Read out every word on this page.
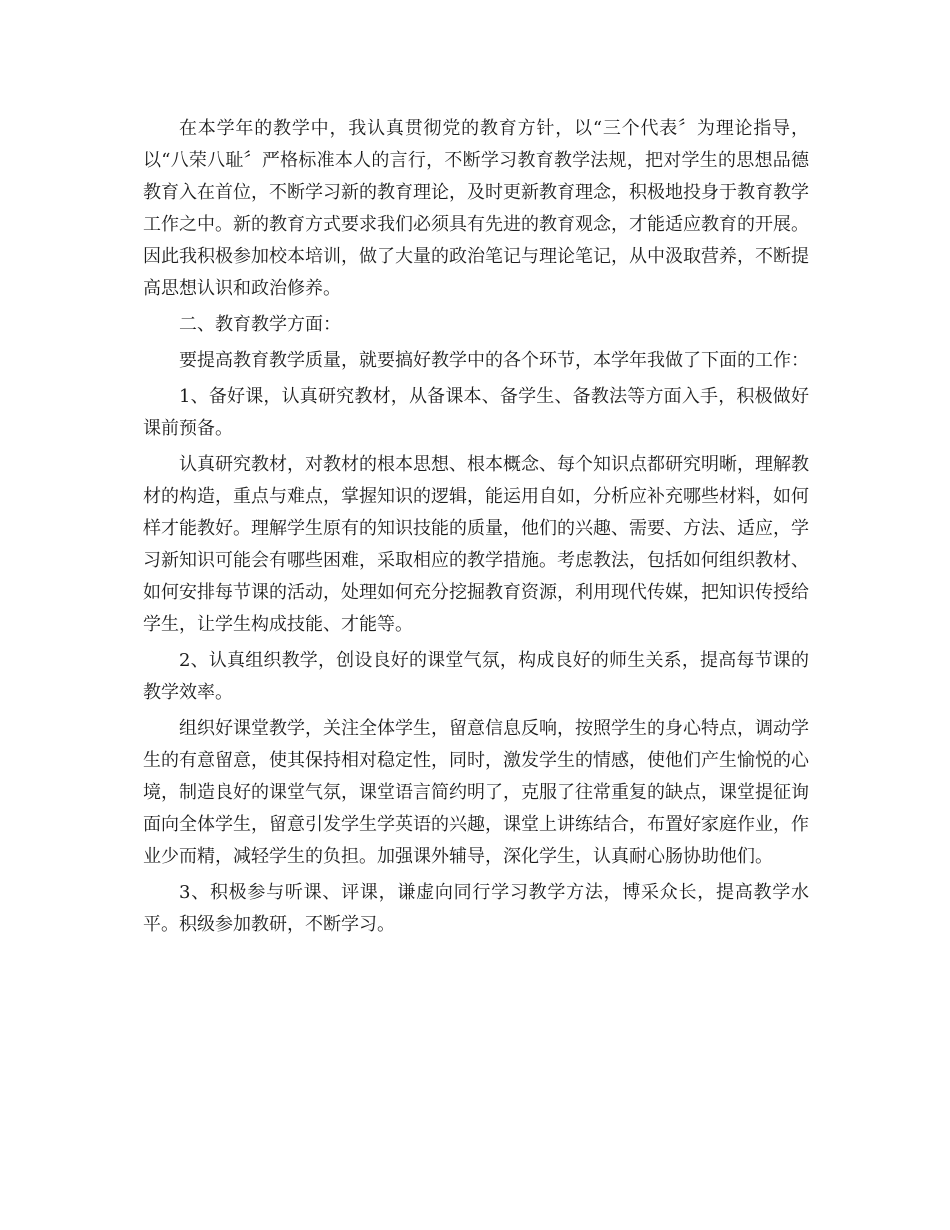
在本学年的教学中，我认真贯彻党的教育方针，以“三个代表〞为理论指导，以“八荣八耻〞严格标准本人的言行，不断学习教育教学法规，把对学生的思想品德教育入在首位，不断学习新的教育理论，及时更新教育理念，积极地投身于教育教学工作之中。新的教育方式要求我们必须具有先进的教育观念，才能适应教育的开展。因此我积极参加校本培训，做了大量的政治笔记与理论笔记，从中汲取营养，不断提高思想认识和政治修养。

二、教育教学方面：

要提高教育教学质量，就要搞好教学中的各个环节，本学年我做了下面的工作：

1、备好课，认真研究教材，从备课本、备学生、备教法等方面入手，积极做好课前预备。

认真研究教材，对教材的根本思想、根本概念、每个知识点都研究明晰，理解教材的构造，重点与难点，掌握知识的逻辑，能运用自如，分析应补充哪些材料，如何样才能教好。理解学生原有的知识技能的质量，他们的兴趣、需要、方法、适应，学习新知识可能会有哪些困难，采取相应的教学措施。考虑教法，包括如何组织教材、如何安排每节课的活动，处理如何充分挖掘教育资源，利用现代传媒，把知识传授给学生，让学生构成技能、才能等。

2、认真组织教学，创设良好的课堂气氛，构成良好的师生关系，提高每节课的教学效率。

组织好课堂教学，关注全体学生，留意信息反响，按照学生的身心特点，调动学生的有意留意，使其保持相对稳定性，同时，激发学生的情感，使他们产生愉悦的心境，制造良好的课堂气氛，课堂语言简约明了，克服了往常重复的缺点，课堂提征询面向全体学生，留意引发学生学英语的兴趣，课堂上讲练结合，布置好家庭作业，作业少而精，减轻学生的负担。加强课外辅导，深化学生，认真耐心肠协助他们。

3、积极参与听课、评课，谦虚向同行学习教学方法，博采众长，提高教学水平。积级参加教研，不断学习。
